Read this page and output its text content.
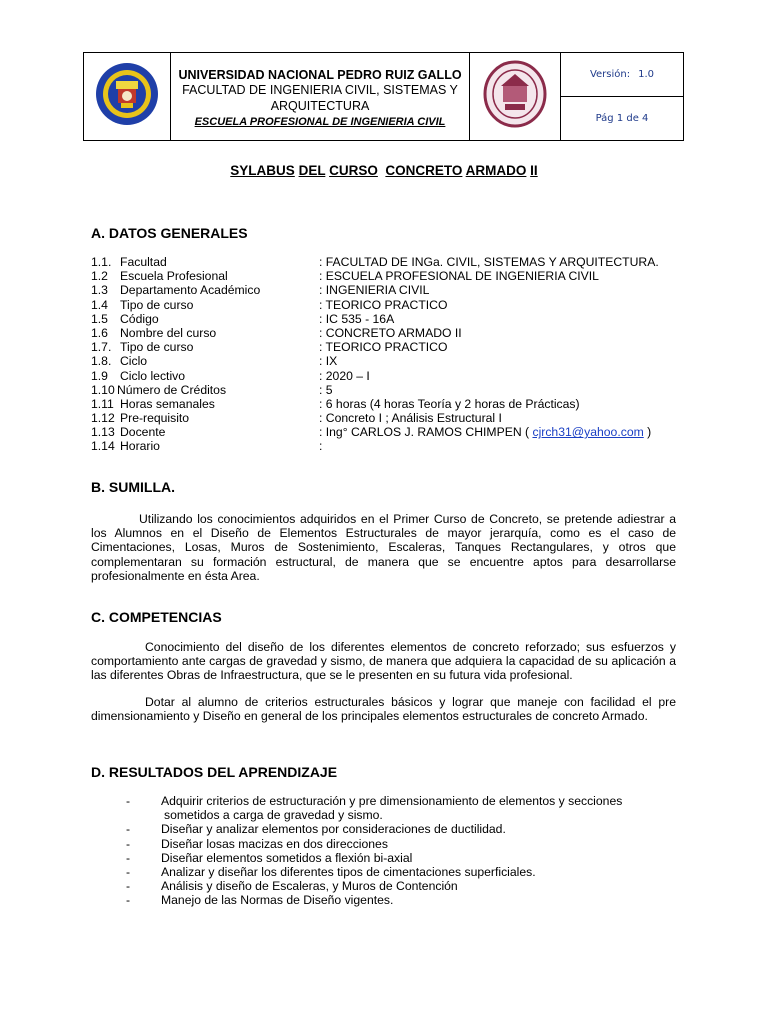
UNIVERSIDAD NACIONAL PEDRO RUIZ GALLO
FACULTAD DE INGENIERIA CIVIL, SISTEMAS Y ARQUITECTURA
ESCUELA PROFESIONAL DE INGENIERIA CIVIL
		Versión: 1.0
Pág 1 de 4
SYLABUS DEL CURSO CONCRETO ARMADO II
A. DATOS GENERALES
1.1. Facultad	: FACULTAD DE INGa. CIVIL, SISTEMAS Y ARQUITECTURA.
1.2 Escuela Profesional	: ESCUELA PROFESIONAL DE INGENIERIA CIVIL
1.3 Departamento Académico	: INGENIERIA CIVIL
1.4 Tipo de curso	: TEORICO PRACTICO
1.5 Código	: IC 535 - 16A
1.6 Nombre del curso	: CONCRETO ARMADO II
1.7. Tipo de curso	: TEORICO PRACTICO
1.8. Ciclo	: IX
1.9 Ciclo lectivo	: 2020 – I
1.10 Número de Créditos	: 5
1.11 Horas semanales	: 6 horas (4 horas Teoría y 2 horas de Prácticas)
1.12 Pre-requisito	: Concreto I ; Análisis Estructural I
1.13 Docente	: Ing° CARLOS J. RAMOS CHIMPEN ( cjrch31@yahoo.com )
1.14 Horario	:
B. SUMILLA.
Utilizando los conocimientos adquiridos en el Primer Curso de Concreto, se pretende adiestrar a los Alumnos en el Diseño de Elementos Estructurales de mayor jerarquía, como es el caso de Cimentaciones, Losas, Muros de Sostenimiento, Escaleras, Tanques Rectangulares, y otros que complementaran su formación estructural, de manera que se encuentre aptos para desarrollarse profesionalmente en ésta Area.
C. COMPETENCIAS
Conocimiento del diseño de los diferentes elementos de concreto reforzado; sus esfuerzos y comportamiento ante cargas de gravedad y sismo, de manera que adquiera la capacidad de su aplicación a las diferentes Obras de Infraestructura, que se le presenten en su futura vida profesional.
Dotar al alumno de criterios estructurales básicos y lograr que maneje con facilidad el pre dimensionamiento y Diseño en general de los principales elementos estructurales de concreto Armado.
D. RESULTADOS DEL APRENDIZAJE
-	Adquirir criterios de estructuración y pre dimensionamiento de elementos y secciones
sometidos a carga de gravedad y sismo.
-	Diseñar y analizar elementos por consideraciones de ductilidad.
-	Diseñar losas macizas en dos direcciones
-	Diseñar elementos sometidos a flexión bi-axial
-	Analizar y diseñar los diferentes tipos de cimentaciones superficiales.
-	Análisis y diseño de Escaleras, y Muros de Contención
-	Manejo de las Normas de Diseño vigentes.
